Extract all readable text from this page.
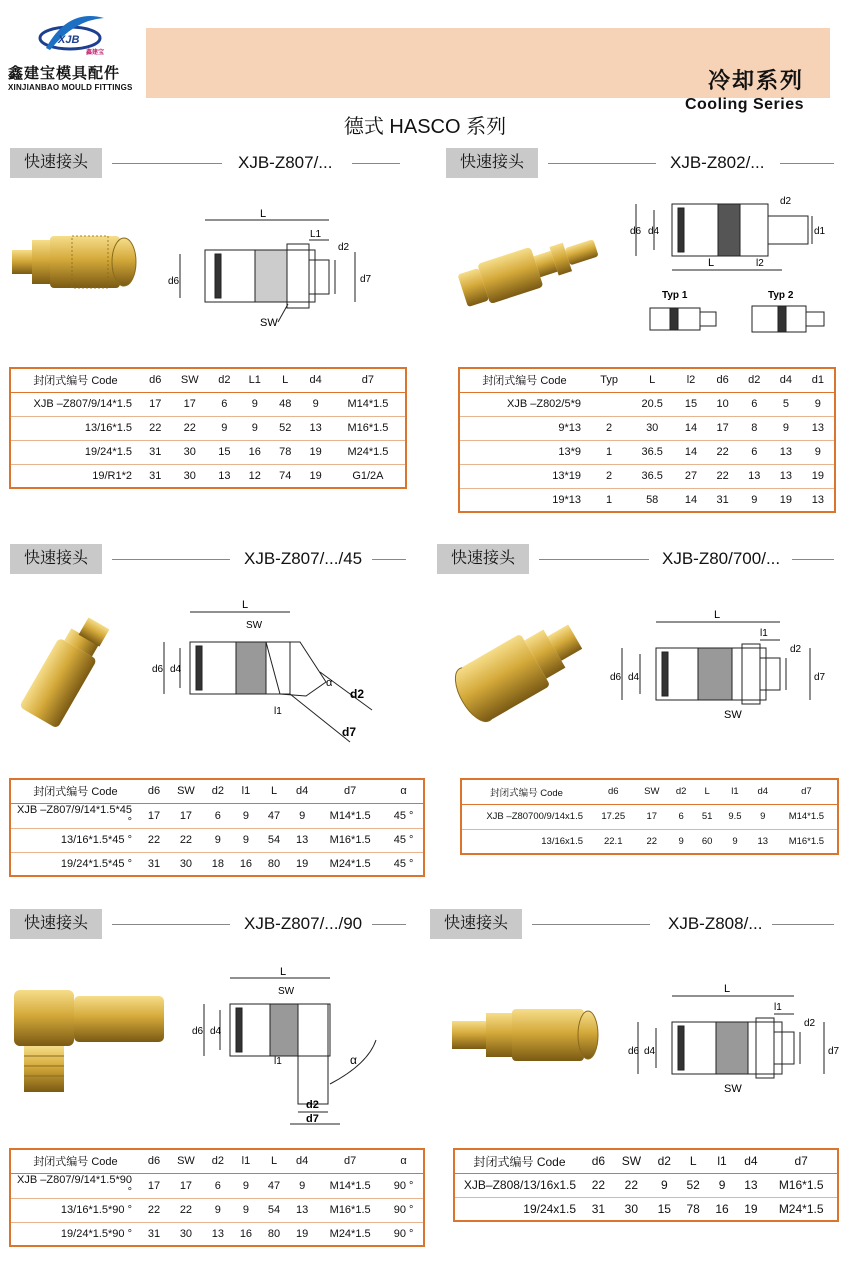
XJB
鑫建宝
鑫建宝模具配件
XINJIANBAO MOULD FITTINGS	冷却系列
Cooling Series
德式 HASCO 系列
快速接头	XJB-Z807/...
L
L1
d2
d6	d7
SW
封闭式编号 Code	d6	SW	d2	L1	L	d4	d7
XJB –Z807/9/14*1.5	17	17	6	9	48	9	M14*1.5
13/16*1.5	22	22	9	9	52	13	M16*1.5
19/24*1.5	31	30	15	16	78	19	M24*1.5
19/R1*2	31	30	13	12	74	19	G1/2A
快速接头	XJB-Z802/...
d6 d4
d2
d1
L	l2
Typ 1	Typ 2
封闭式编号 Code	Typ	L	l2	d6	d2	d4	d1
XJB –Z802/5*9		20.5	15	10	6	5	9
9*13	2	30	14	17	8	9	13
13*9	1	36.5	14	22	6	13	9
13*19	2	36.5	27	22	13	13	19
19*13	1	58	14	31	9	19	13
快速接头	XJB-Z807/.../45
L
SW
d6 d4
α
d2
l1
d7
封闭式编号 Code	d6	SW	d2	l1	L	d4	d7	α
XJB –Z807/9/14*1.5*45 °	17	17	6	9	47	9	M14*1.5	45 °
13/16*1.5*45 °	22	22	9	9	54	13	M16*1.5	45 °
19/24*1.5*45 °	31	30	18	16	80	19	M24*1.5	45 °
快速接头	XJB-Z80/700/...
L
l1
d6 d4
d2
d7
SW
封闭式编号 Code	d6	SW	d2	L	l1	d4	d7
XJB –Z80700/9/14x1.5	17.25	17	6	51	9.5	9	M14*1.5
13/16x1.5	22.1	22	9	60	9	13	M16*1.5
快速接头	XJB-Z807/.../90
L
SW
d6 d4
l1	α
d2
d7
封闭式编号 Code	d6	SW	d2	l1	L	d4	d7	α
XJB –Z807/9/14*1.5*90 °	17	17	6	9	47	9	M14*1.5	90 °
13/16*1.5*90 °	22	22	9	9	54	13	M16*1.5	90 °
19/24*1.5*90 °	31	30	13	16	80	19	M24*1.5	90 °
快速接头	XJB-Z808/...
L
l1
d6 d4
d2
d7
SW
封闭式编号 Code	d6	SW	d2	L	l1	d4	d7
XJB–Z808/13/16x1.5	22	22	9	52	9	13	M16*1.5
19/24x1.5	31	30	15	78	16	19	M24*1.5
